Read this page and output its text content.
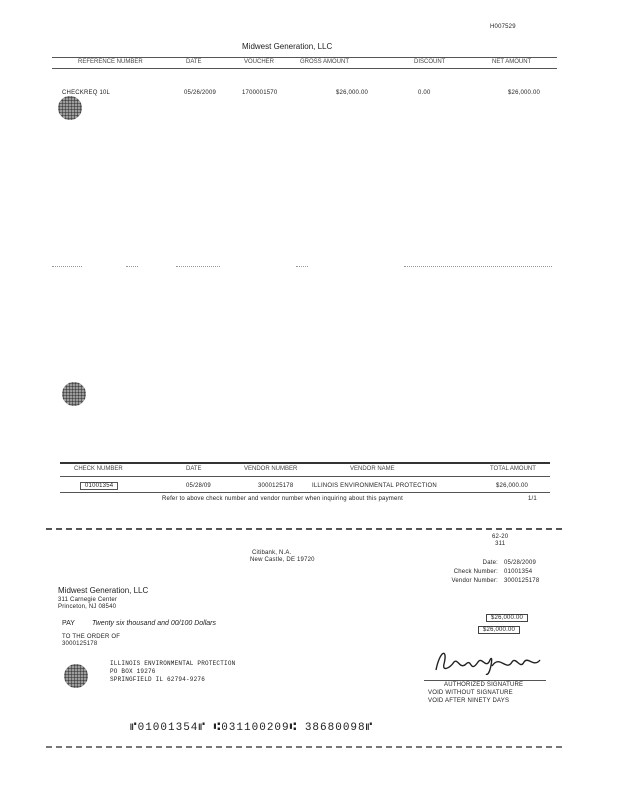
H007529
Midwest Generation, LLC
REFERENCE NUMBER	DATE	VOUCHER	GROSS AMOUNT	DISCOUNT	NET AMOUNT
CHECKREQ 10L	05/26/2009	1700001570	$26,000.00	0.00	$26,000.00
CHECK NUMBER	DATE	VENDOR NUMBER	VENDOR NAME	TOTAL AMOUNT
01001354	05/28/09	3000125178	ILLINOIS ENVIRONMENTAL PROTECTION	$26,000.00
Refer to above check number and vendor number when inquiring about this payment	1/1
62-20
311
Citibank, N.A.
New Castle, DE 19720	Date: 05/28/2009
Check Number: 01001354
Vendor Number: 3000125178
Midwest Generation, LLC
311 Carnegie Center
Princeton, NJ 08540
$26,000.00
$26,000.00
PAY Twenty six thousand and 00/100 Dollars
TO THE ORDER OF
3000125178
ILLINOIS ENVIRONMENTAL PROTECTION
PO BOX 19276
SPRINGFIELD IL 62794-9276
AUTHORIZED SIGNATURE
VOID WITHOUT SIGNATURE
VOID AFTER NINETY DAYS
⑈01001354⑈ ⑆031100209⑆ 38680098⑈
